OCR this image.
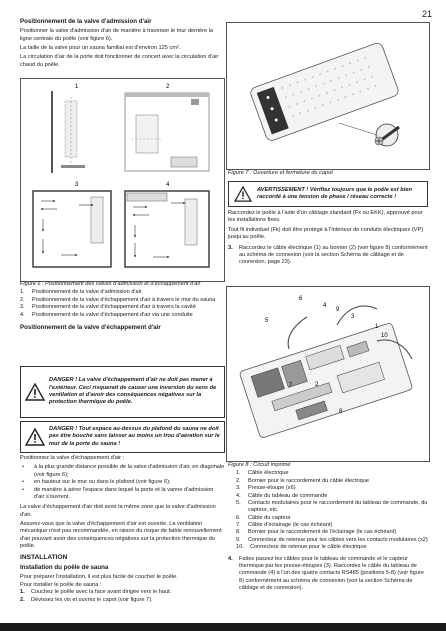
21
Positionnement de la valve d'admission d'air

Positionner la valve d'admission d'air de manière à traverser le mur derrière la ligne centrale du poêle (voir figure 6).

La taille de la valve pour un sauna familial est d'environ 125 cm².

La circulation d'air de la porte doit fonctionner de concert avec la circulation d'air chaud du poêle.

1	2
3	4
Figure 6 : Positionnement des valves d'admission et d'échappement d'air
1.	Positionnement de la valve d'admission d'air
2.	Positionnement de la valve d'échappement d'air à travers le mur du sauna
3.	Positionnement de la valve d'échappement d'air à travers la cavité
4.	Positionnement de la valve d'échappement d'air via une conduite
Positionnement de la valve d'échappement d'air
DANGER ! La valve d'échappement d'air ne doit pas mener à l'extérieur. Ceci risquerait de causer une inversion du sens de ventilation et d'avoir des conséquences négatives sur la protection thermique du poêle.
DANGER ! Tout espace au-dessus du plafond du sauna ne doit pas être bouché sans laisser au moins un trou d'aération sur le mur de la porte du sauna !

Positionnez la valve d'échappement d'air :

•	à la plus grande distance possible de la valve d'admission d'air, en diagonale (voir figure 6);
•	en hauteur sur le mur ou dans le plafond (voir figure 6);
•	de manière à aérer l'espace dans lequel la porte et la vanne d'admission d'air s'ouvrent.

La valve d'échappement d'air doit avoir la même zone que la valve d'admission d'air.

Assurez-vous que la valve d'échappement d'air est ouverte. La ventilation mécanique n'est pas recommandée, en raison du risque de faible renouvellement d'air pouvant avoir des conséquences négatives sur la protection thermique du poêle.

INSTALLATION
Installation du poêle de sauna

Pour préparer l'installation, il est plus facile de coucher le poêle.

Pour installer le poêle de sauna :

1.	Couchez le poêle avec la face avant dirigée vers le haut.
2.	Dévissez les vis et ouvrez le capot (voir figure 7).
Figure 7 : Ouverture et fermeture du capot
AVERTISSEMENT ! Vérifiez toujours que le poêle est bien raccordé à une tension de phase / réseau correcte !

Raccordez le poêle à l'aide d'un câblage standard (Fx ou EKK), approuvé pour les installations fixes.

Tout fil individuel (Fk) doit être protégé à l'intérieur de conduits électriques (VP) jusqu'au poêle.

3.	Raccordez le câble électrique (1) au bornier (2) (voir figure 8) conformément au schéma de connexion (voir la section Schéma de câblage et de connexion, page 23).
6
4
9
3
5
1
10
7	2
8
Figure 8 : Circuit imprimé
1.	Câble électrique
2.	Bornier pour le raccordement du câble électrique
3.	Presse-étoupe (x6)
4.	Câble du tableau de commande
5.	Contacts modulaires pour le raccordement du tableau de commande, du capteur, etc.
6.	Câble du capteur
7.	Câble d'éclairage (le cas échéant)
8.	Bornier pour le raccordement de l'éclairage (le cas échéant)
9.	Connecteur de retenue pour les câbles vers les contacts modulaires (x2)
10.	Connecteur de retenue pour le câble électrique
4.	Faites passez les câbles pour le tableau de commande et le capteur thermique par les presse-étoupes (3). Raccordez le câble du tableau de commande (4) à l'un des quatre contacts RS485 (positions 5-8) (voir figure 8) conformément au schéma de connexion (voir la section Schéma de câblage et de connexion).
